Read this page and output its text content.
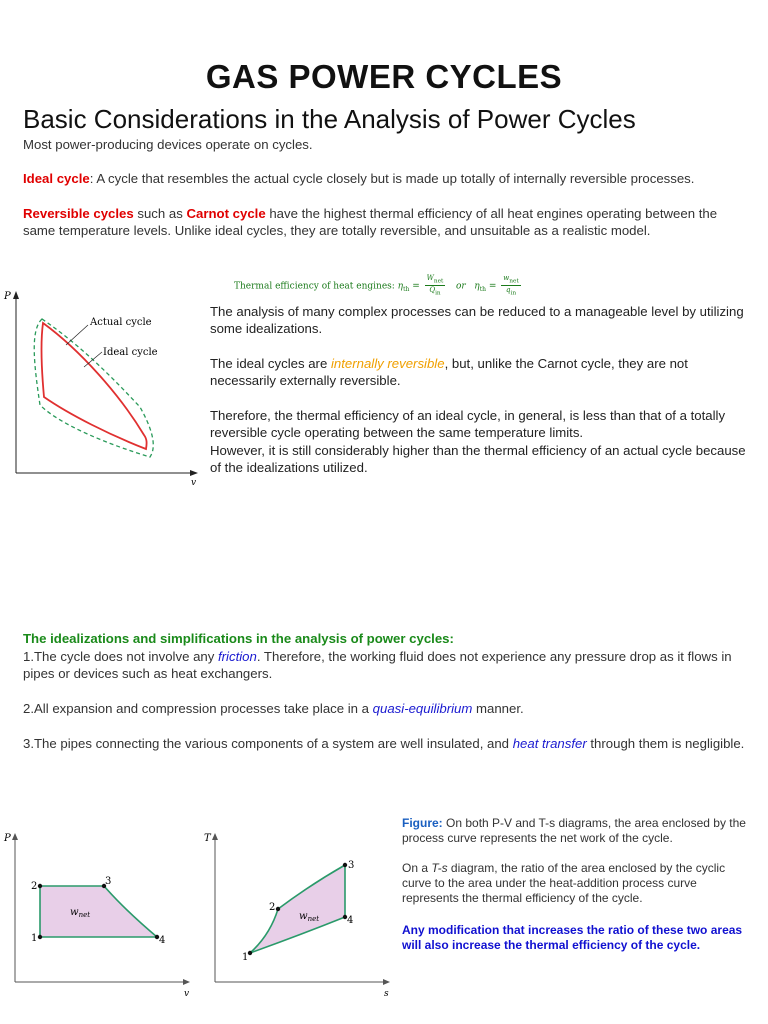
GAS POWER CYCLES
Basic Considerations in the Analysis of Power Cycles
Most power-producing devices operate on cycles.
Ideal cycle: A cycle that resembles the actual cycle closely but is made up totally of internally reversible processes.
Reversible cycles such as Carnot cycle have the highest thermal efficiency of all heat engines operating between the same temperature levels. Unlike ideal cycles, they are totally reversible, and unsuitable as a realistic model.
Thermal efficiency of heat engines: $\eta_{th} = \frac{W_{net}}{Q_{in}}$ or $\eta_{th} = \frac{w_{net}}{q_{in}}$
P
v
Actual cycle
Ideal cycle
The analysis of many complex processes can be reduced to a manageable level by utilizing some idealizations.
The ideal cycles are internally reversible, but, unlike the Carnot cycle, they are not necessarily externally reversible.
Therefore, the thermal efficiency of an ideal cycle, in general, is less than that of a totally reversible cycle operating between the same temperature limits.
However, it is still considerably higher than the thermal efficiency of an actual cycle because of the idealizations utilized.
The idealizations and simplifications in the analysis of power cycles:
1.The cycle does not involve any friction. Therefore, the working fluid does not experience any pressure drop as it flows in pipes or devices such as heat exchangers.
2.All expansion and compression processes take place in a quasi-equilibrium manner.
3.The pipes connecting the various components of a system are well insulated, and heat transfer through them is negligible.
P
v
2	3
4
1
$w_{net}$
T
s
1
2
3
4
$w_{net}$
Figure: On both P-V and T-s diagrams, the area enclosed by the process curve represents the net work of the cycle.
On a T-s diagram, the ratio of the area enclosed by the cyclic curve to the area under the heat-addition process curve represents the thermal efficiency of the cycle.
Any modification that increases the ratio of these two areas will also increase the thermal efficiency of the cycle.
